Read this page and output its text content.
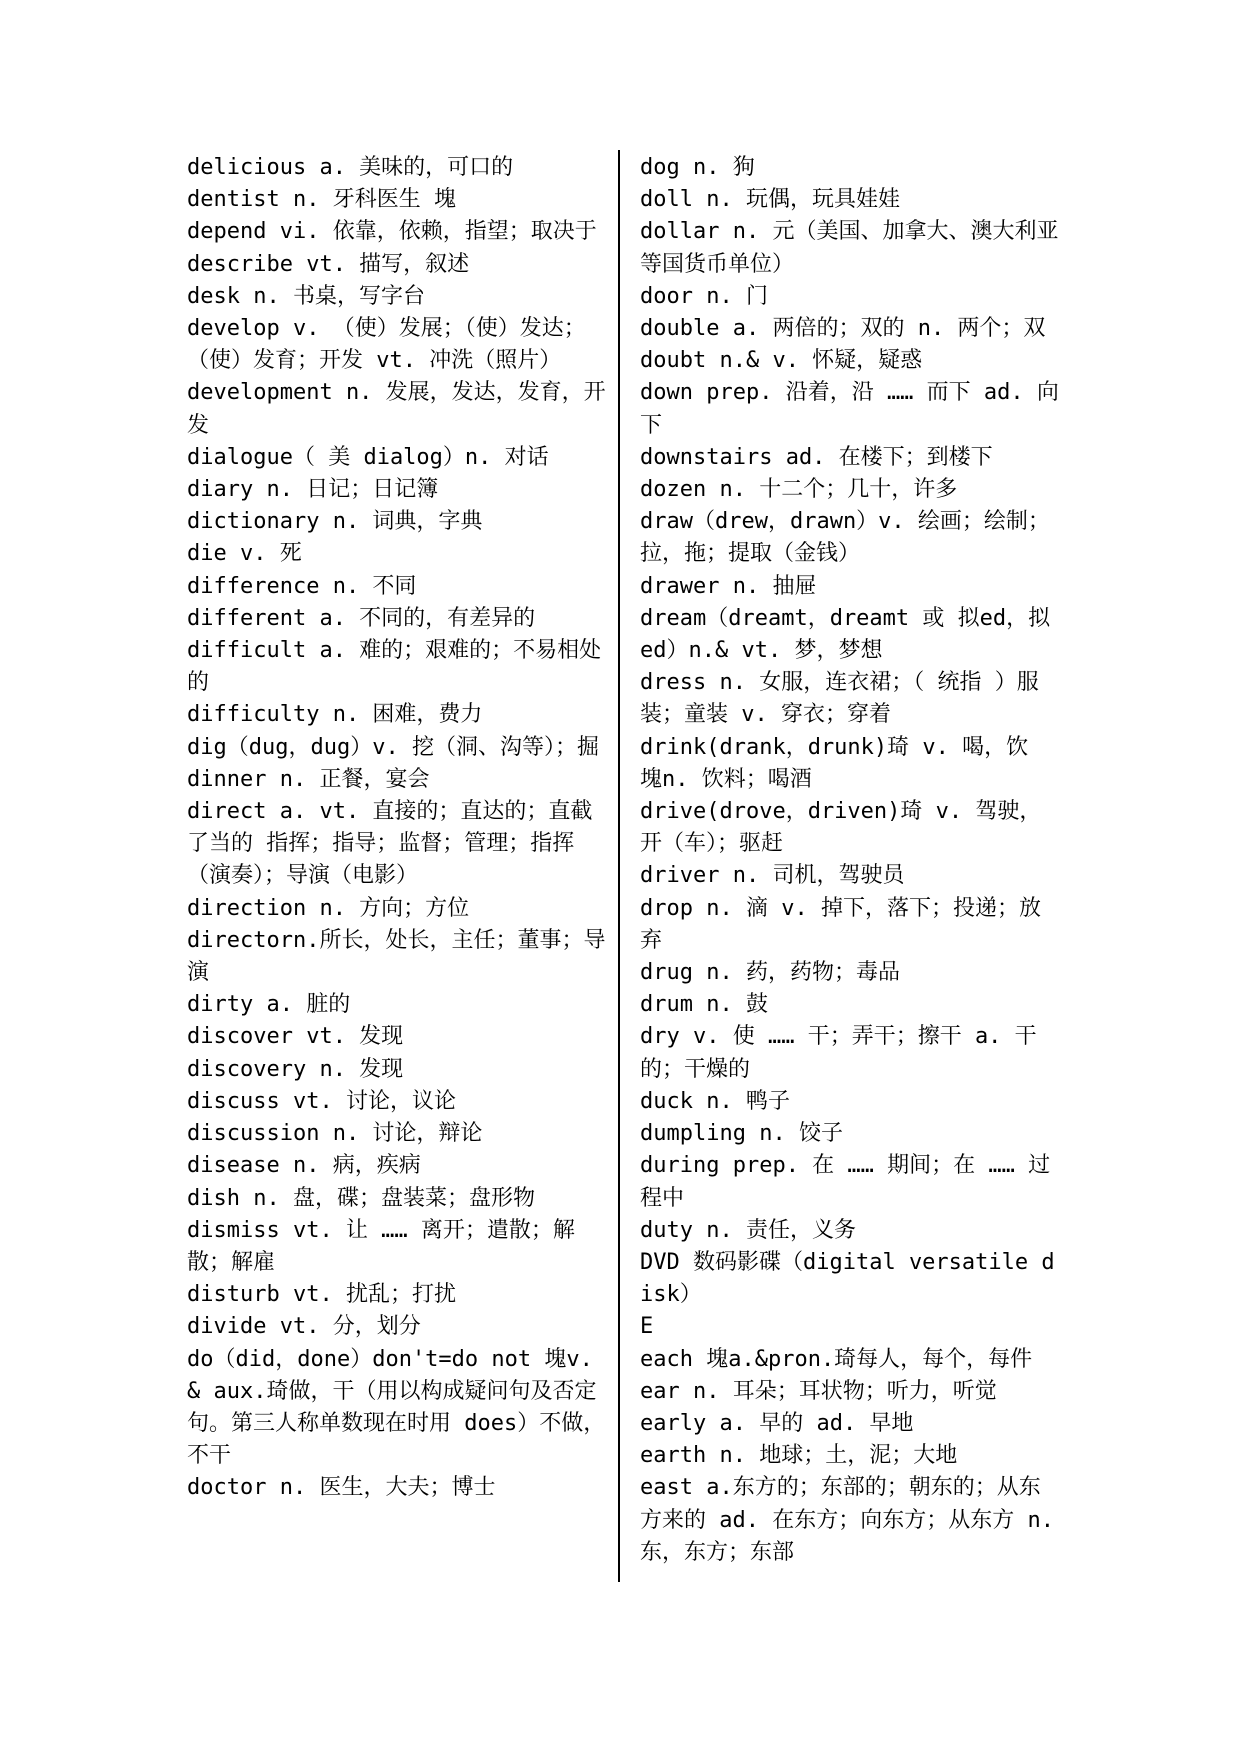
delicious a. 美味的，可口的
dentist n. 牙科医生 塊
depend vi. 依靠，依赖，指望；取决于
describe vt. 描写，叙述
desk n. 书桌，写字台
develop v. （使）发展；（使）发达；（使）发育；开发 vt. 冲洗（照片）
development n. 发展，发达，发育，开发
dialogue（ 美 dialog）n. 对话
diary n. 日记；日记簿
dictionary n. 词典，字典
die v. 死
difference n. 不同
different a. 不同的，有差异的
difficult a. 难的；艰难的；不易相处的
difficulty n. 困难，费力
dig（dug，dug）v. 挖（洞、沟等）；掘
dinner n. 正餐，宴会
direct a. vt. 直接的；直达的；直截了当的 指挥；指导；监督；管理；指挥（演奏）；导演（电影）
direction n. 方向；方位
directorn.所长，处长，主任；董事；导演
dirty a. 脏的
discover vt. 发现
discovery n. 发现
discuss vt. 讨论，议论
discussion n. 讨论，辩论
disease n. 病，疾病
dish n. 盘，碟；盘装菜；盘形物
dismiss vt. 让 …… 离开；遣散；解散；解雇
disturb vt. 扰乱；打扰
divide vt. 分，划分
do（did，done）don't=do not 塊v. & aux.琦做，干（用以构成疑问句及否定句。第三人称单数现在时用 does）不做，不干
doctor n. 医生，大夫；博士
dog n. 狗
doll n. 玩偶，玩具娃娃
dollar n. 元（美国、加拿大、澳大利亚等国货币单位）
door n. 门
double a. 两倍的；双的 n. 两个；双
doubt n.& v. 怀疑，疑惑
down prep. 沿着，沿 …… 而下 ad. 向下
downstairs ad. 在楼下；到楼下
dozen n. 十二个；几十，许多
draw（drew，drawn）v. 绘画；绘制；拉，拖；提取（金钱）
drawer n. 抽屉
dream（dreamt，dreamt 或 拟ed，拟ed）n.& vt. 梦，梦想
dress n. 女服，连衣裙；（ 统指 ）服装；童装 v. 穿衣；穿着
drink(drank，drunk)琦 v. 喝，饮 塊n. 饮料；喝酒
drive(drove，driven)琦 v. 驾驶，开（车）；驱赶
driver n. 司机，驾驶员
drop n. 滴 v. 掉下，落下；投递；放弃
drug n. 药，药物；毒品
drum n. 鼓
dry v. 使 …… 干；弄干；擦干 a. 干的；干燥的
duck n. 鸭子
dumpling n. 饺子
during prep. 在 …… 期间；在 …… 过程中
duty n. 责任，义务
DVD 数码影碟（digital versatile disk）
E
each 塊a.&pron.琦每人，每个，每件
ear n. 耳朵；耳状物；听力，听觉
early a. 早的 ad. 早地
earth n. 地球；土，泥；大地
east a.东方的；东部的；朝东的；从东方来的 ad. 在东方；向东方；从东方 n. 东，东方；东部
